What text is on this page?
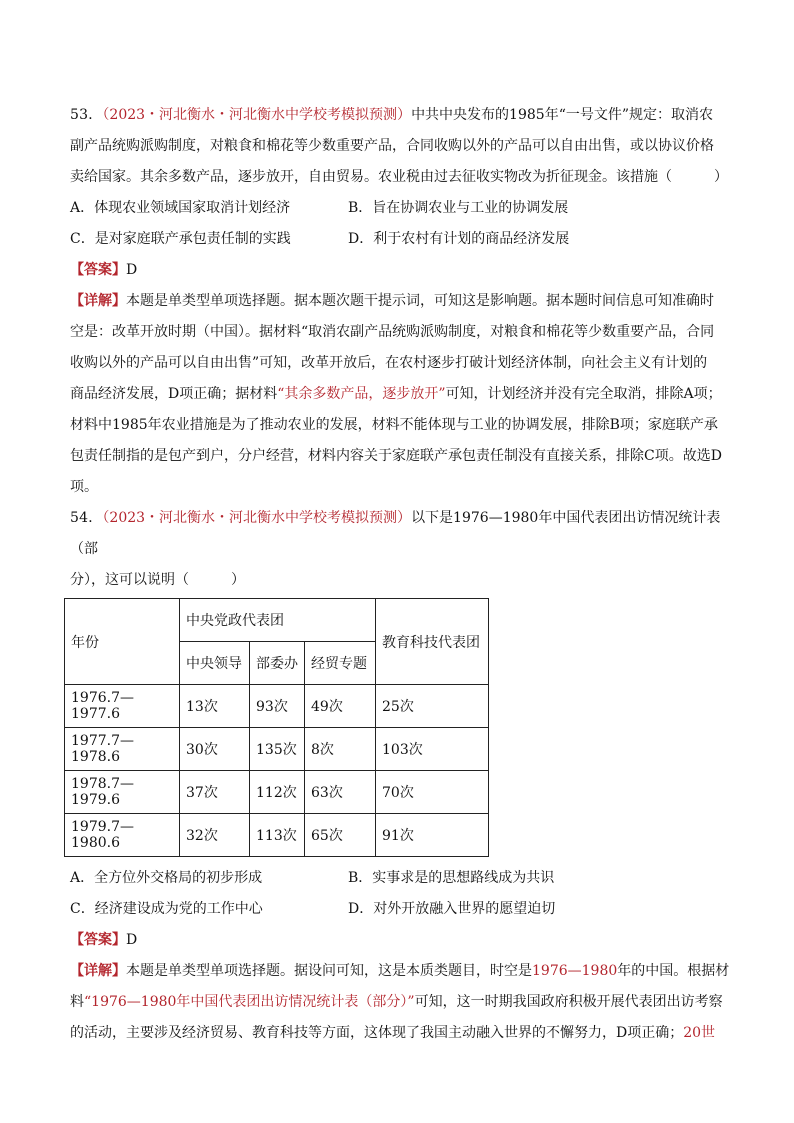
53．（2023・河北衡水・河北衡水中学校考模拟预测）中共中央发布的1985年“一号文件”规定：取消农
副产品统购派购制度，对粮食和棉花等少数重要产品，合同收购以外的产品可以自由出售，或以协议价格
卖给国家。其余多数产品，逐步放开，自由贸易。农业税由过去征收实物改为折征现金。该措施（　　　）

A．体现农业领域国家取消计划经济	B．旨在协调农业与工业的协调发展
C．是对家庭联产承包责任制的实践	D．利于农村有计划的商品经济发展
【答案】D

【详解】本题是单类型单项选择题。据本题次题干提示词，可知这是影响题。据本题时间信息可知准确时
空是：改革开放时期（中国）。据材料“取消农副产品统购派购制度，对粮食和棉花等少数重要产品，合同
收购以外的产品可以自由出售”可知，改革开放后，在农村逐步打破计划经济体制，向社会主义有计划的
商品经济发展，D项正确；据材料“其余多数产品，逐步放开”可知，计划经济并没有完全取消，排除A项；
材料中1985年农业措施是为了推动农业的发展，材料不能体现与工业的协调发展，排除B项；家庭联产承
包责任制指的是包产到户，分户经营，材料内容关于家庭联产承包责任制没有直接关系，排除C项。故选D
项。

54．（2023・河北衡水・河北衡水中学校考模拟预测）以下是1976—1980年中国代表团出访情况统计表（部
分），这可以说明（　　　）

年份	中央党政代表团			教育科技代表团
	中央领导	部委办	经贸专题	
1976.7—1977.6	13次	93次	49次	25次
1977.7—1978.6	30次	135次	8次	103次
1978.7—1979.6	37次	112次	63次	70次
1979.7—1980.6	32次	113次	65次	91次
A．全方位外交格局的初步形成	B．实事求是的思想路线成为共识
C．经济建设成为党的工作中心	D．对外开放融入世界的愿望迫切
【答案】D

【详解】本题是单类型单项选择题。据设问可知，这是本质类题目，时空是1976—1980年的中国。根据材
料“1976—1980年中国代表团出访情况统计表（部分）”可知，这一时期我国政府积极开展代表团出访考察
的活动，主要涉及经济贸易、教育科技等方面，这体现了我国主动融入世界的不懈努力，D项正确；20世
